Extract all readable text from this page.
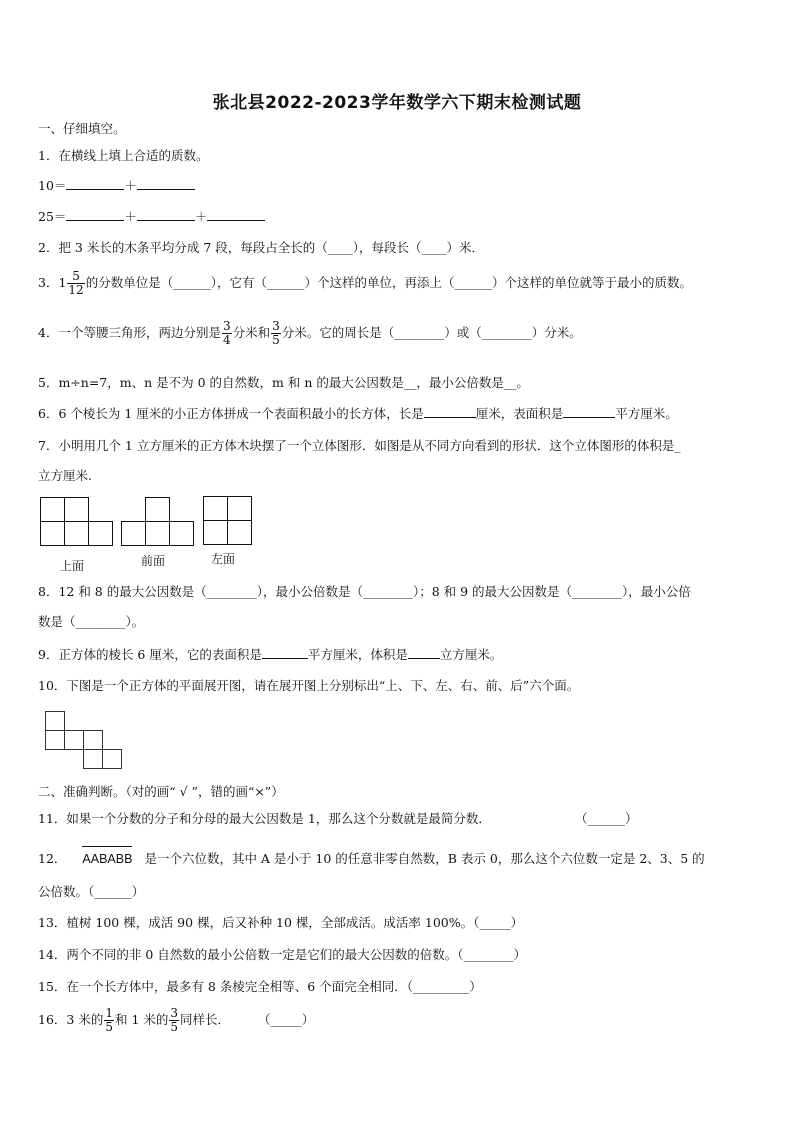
张北县2022-2023学年数学六下期末检测试题
一、仔细填空。
1．在横线上填上合适的质数。
10＝	＋
25＝	＋	＋
2．把 3 米长的木条平均分成 7 段，每段占全长的（____），每段长（____）米．
3．$1 \frac{5}{12}$ 的分数单位是（______），它有（______）个这样的单位，再添上（______）个这样的单位就等于最小的质数。
4．一个等腰三角形，两边分别是 $\frac{3}{4}$ 分米和 $\frac{3}{5}$ 分米。它的周长是（________）或（________）分米。
5．m÷n=7，m、n 是不为 0 的自然数，m 和 n 的最大公因数是__，最小公倍数是__。
6．6 个棱长为 1 厘米的小正方体拼成一个表面积最小的长方体，长是	厘米，表面积是	平方厘米。
7．小明用几个 1 立方厘米的正方体木块摆了一个立体图形．如图是从不同方向看到的形状．这个立体图形的体积是_
立方厘米.
上面	前面	左面
8．12 和 8 的最大公因数是（________），最小公倍数是（________）；8 和 9 的最大公因数是（________），最小公倍
数是（________）。
9．正方体的棱长 6 厘米，它的表面积是	平方厘米，体积是	立方厘米。
10．下图是一个正方体的平面展开图，请在展开图上分别标出“上、下、左、右、前、后”六个面。
二、准确判断。（对的画“ √ ”，错的画“×”）
11．如果一个分数的分子和分母的最大公因数是 1，那么这个分数就是最简分数．	（______）
12． AABABB 是一个六位数，其中 A 是小于 10 的任意非零自然数，B 表示 0，那么这个六位数一定是 2、3、5 的
公倍数。（______）
13．植树 100 棵，成活 90 棵，后又补种 10 棵，全部成活。成活率 100%。（_____）
14．两个不同的非 0 自然数的最小公倍数一定是它们的最大公因数的倍数。（________）
15．在一个长方体中，最多有 8 条棱完全相等、6 个面完全相同．（_________）
16．3 米的 $\frac{1}{5}$ 和 1 米的 $\frac{3}{5}$ 同样长． （_____）
